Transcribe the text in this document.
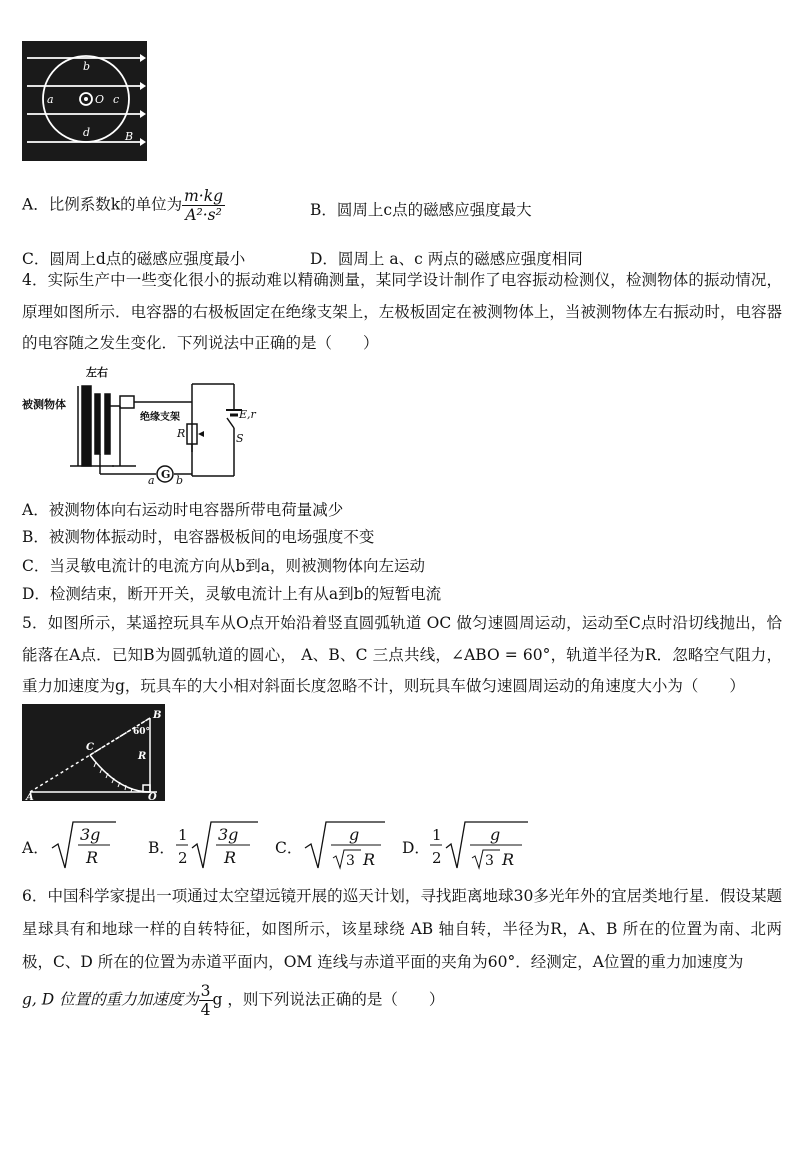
b
a	O c
d	B
A．比例系数k的单位为 $\frac{m\cdot kg}{\text{A²·s²}}$	B．圆周上c点的磁感应强度最大
C．圆周上d点的磁感应强度最小	D．圆周上 a、c 两点的磁感应强度相同
4．实际生产中一些变化很小的振动难以精确测量，某同学设计制作了电容振动检测仪，检测物体的振动情况，原理如图所示．电容器的右极板固定在绝缘支架上，左极板固定在被测物体上，当被测物体左右振动时，电容器的电容随之发生变化．下列说法中正确的是（　　）
左右
被测物体
绝缘支架
R
E,r
S
G
a b
A．被测物体向右运动时电容器所带电荷量减少
B．被测物体振动时，电容器极板间的电场强度不变
C．当灵敏电流计的电流方向从b到a，则被测物体向左运动
D．检测结束，断开开关，灵敏电流计上有从a到b的短暂电流
5．如图所示，某遥控玩具车从O点开始沿着竖直圆弧轨道 OC 做匀速圆周运动，运动至C点时沿切线抛出，恰能落在A点．已知B为圆弧轨道的圆心， A、B、C 三点共线，∠ABO = 60°，轨道半径为R．忽略空气阻力，重力加速度为g，玩具车的大小相对斜面长度忽略不计，则玩具车做匀速圆周运动的角速度大小为（　　）
B
60°
R
C
A	O
A．
3g
R	B．
1
2
3g
R	C．
g
3 R
D．
1
2
g
3 R
6．中国科学家提出一项通过太空望远镜开展的巡天计划，寻找距离地球30多光年外的宜居类地行星．假设某题星球具有和地球一样的自转特征，如图所示，该星球绕 AB 轴自转，半径为R，A、B 所在的位置为南、北两极，C、D 所在的位置为赤道平面内，OM 连线与赤道平面的夹角为60°．经测定，A位置的重力加速度为
g, D 位置的重力加速度为 $\frac{3}{4}$ g ，则下列说法正确的是（　　）
